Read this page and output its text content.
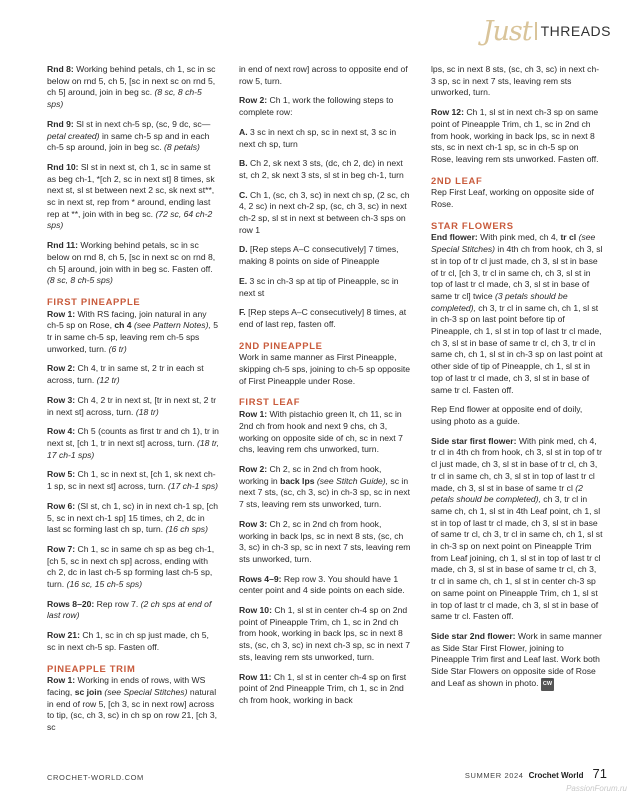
Just THREADS

Rnd 8: Working behind petals, ch 1, sc in sc below on rnd 5, ch 5, [sc in next sc on rnd 5, ch 5] around, join in beg sc. (8 sc, 8 ch-5 sps)

Rnd 9: Sl st in next ch-5 sp, (sc, 9 dc, sc—petal created) in same ch-5 sp and in each ch-5 sp around, join in beg sc. (8 petals)

Rnd 10: Sl st in next st, ch 1, sc in same st as beg ch-1, *[ch 2, sc in next st] 8 times, sk next st, sl st between next 2 sc, sk next st**, sc in next st, rep from * around, ending last rep at **, join with in beg sc. (72 sc, 64 ch-2 sps)

Rnd 11: Working behind petals, sc in sc below on rnd 8, ch 5, [sc in next sc on rnd 8, ch 5] around, join with in beg sc. Fasten off. (8 sc, 8 ch-5 sps)

FIRST PINEAPPLE

Row 1: With RS facing, join natural in any ch-5 sp on Rose, ch 4 (see Pattern Notes), 5 tr in same ch-5 sp, leaving rem ch-5 sps unworked, turn. (6 tr)

Row 2: Ch 4, tr in same st, 2 tr in each st across, turn. (12 tr)

Row 3: Ch 4, 2 tr in next st, [tr in next st, 2 tr in next st] across, turn. (18 tr)

Row 4: Ch 5 (counts as first tr and ch 1), tr in next st, [ch 1, tr in next st] across, turn. (18 tr, 17 ch-1 sps)

Row 5: Ch 1, sc in next st, [ch 1, sk next ch-1 sp, sc in next st] across, turn. (17 ch-1 sps)

Row 6: (Sl st, ch 1, sc) in in next ch-1 sp, [ch 5, sc in next ch-1 sp] 15 times, ch 2, dc in last sc forming last ch sp, turn. (16 ch sps)

Row 7: Ch 1, sc in same ch sp as beg ch-1, [ch 5, sc in next ch sp] across, ending with ch 2, dc in last ch-5 sp forming last ch-5 sp, turn. (16 sc, 15 ch-5 sps)

Rows 8–20: Rep row 7. (2 ch sps at end of last row)

Row 21: Ch 1, sc in ch sp just made, ch 5, sc in next ch-5 sp. Fasten off.

PINEAPPLE TRIM

Row 1: Working in ends of rows, with WS facing, sc join (see Special Stitches) natural in end of row 5, [ch 3, sc in next row] across to tip, (sc, ch 3, sc) in ch sp on row 21, [ch 3, sc

in end of next row] across to opposite end of row 5, turn.

Row 2: Ch 1, work the following steps to complete row:

A. 3 sc in next ch sp, sc in next st, 3 sc in next ch sp, turn

B. Ch 2, sk next 3 sts, (dc, ch 2, dc) in next st, ch 2, sk next 3 sts, sl st in beg ch-1, turn

C. Ch 1, (sc, ch 3, sc) in next ch sp, (2 sc, ch 4, 2 sc) in next ch-2 sp, (sc, ch 3, sc) in next ch-2 sp, sl st in next st between ch-3 sps on row 1

D. [Rep steps A–C consecutively] 7 times, making 8 points on side of Pineapple

E. 3 sc in ch-3 sp at tip of Pineapple, sc in next st

F. [Rep steps A–C consecutively] 8 times, at end of last rep, fasten off.

2ND PINEAPPLE

Work in same manner as First Pineapple, skipping ch-5 sps, joining to ch-5 sp opposite of First Pineapple under Rose.

FIRST LEAF

Row 1: With pistachio green lt, ch 11, sc in 2nd ch from hook and next 9 chs, ch 3, working on opposite side of ch, sc in next 7 chs, leaving rem chs unworked, turn.

Row 2: Ch 2, sc in 2nd ch from hook, working in back lps (see Stitch Guide), sc in next 7 sts, (sc, ch 3, sc) in ch-3 sp, sc in next 7 sts, leaving rem sts unworked, turn.

Row 3: Ch 2, sc in 2nd ch from hook, working in back lps, sc in next 8 sts, (sc, ch 3, sc) in ch-3 sp, sc in next 7 sts, leaving rem sts unworked, turn.

Rows 4–9: Rep row 3. You should have 1 center point and 4 side points on each side.

Row 10: Ch 1, sl st in center ch-4 sp on 2nd point of Pineapple Trim, ch 1, sc in 2nd ch from hook, working in back lps, sc in next 8 sts, (sc, ch 3, sc) in next ch-3 sp, sc in next 7 sts, leaving rem sts unworked, turn.

Row 11: Ch 1, sl st in center ch-4 sp on first point of 2nd Pineapple Trim, ch 1, sc in 2nd ch from hook, working in back

lps, sc in next 8 sts, (sc, ch 3, sc) in next ch-3 sp, sc in next 7 sts, leaving rem sts unworked, turn.

Row 12: Ch 1, sl st in next ch-3 sp on same point of Pineapple Trim, ch 1, sc in 2nd ch from hook, working in back lps, sc in next 8 sts, sc in next ch-1 sp, sc in ch-5 sp on Rose, leaving rem sts unworked. Fasten off.

2ND LEAF

Rep First Leaf, working on opposite side of Rose.

STAR FLOWERS

End flower: With pink med, ch 4, tr cl (see Special Stitches) in 4th ch from hook, ch 3, sl st in top of tr cl just made, ch 3, sl st in base of tr cl, [ch 3, tr cl in same ch, ch 3, sl st in top of last tr cl made, ch 3, sl st in base of same tr cl] twice (3 petals should be completed), ch 3, tr cl in same ch, ch 1, sl st in ch-3 sp on last point before tip of Pineapple, ch 1, sl st in top of last tr cl made, ch 3, sl st in base of same tr cl, ch 3, tr cl in same ch, ch 1, sl st in ch-3 sp on last point at other side of tip of Pineapple, ch 1, sl st in top of last tr cl made, ch 3, sl st in base of same tr cl. Fasten off.

Rep End flower at opposite end of doily, using photo as a guide.

Side star first flower: With pink med, ch 4, tr cl in 4th ch from hook, ch 3, sl st in top of tr cl just made, ch 3, sl st in base of tr cl, ch 3, tr cl in same ch, ch 3, sl st in top of last tr cl made, ch 3, sl st in base of same tr cl (2 petals should be completed), ch 3, tr cl in same ch, ch 1, sl st in 4th Leaf point, ch 1, sl st in top of last tr cl made, ch 3, sl st in base of same tr cl, ch 3, tr cl in same ch, ch 1, sl st in ch-3 sp on next point on Pineapple Trim from Leaf joining, ch 1, sl st in top of last tr cl made, ch 3, sl st in base of same tr cl, ch 3, tr cl in same ch, ch 1, sl st in center ch-3 sp on same point on Pineapple Trim, ch 1, sl st in top of last tr cl made, ch 3, sl st in base of same tr cl. Fasten off.

Side star 2nd flower: Work in same manner as Side Star First Flower, joining to Pineapple Trim first and Leaf last. Work both Side Star Flowers on opposite side of Rose and Leaf as shown in photo. CW

CROCHET-WORLD.COM	SUMMER 2024 Crochet World 71
PassionForum.ru
